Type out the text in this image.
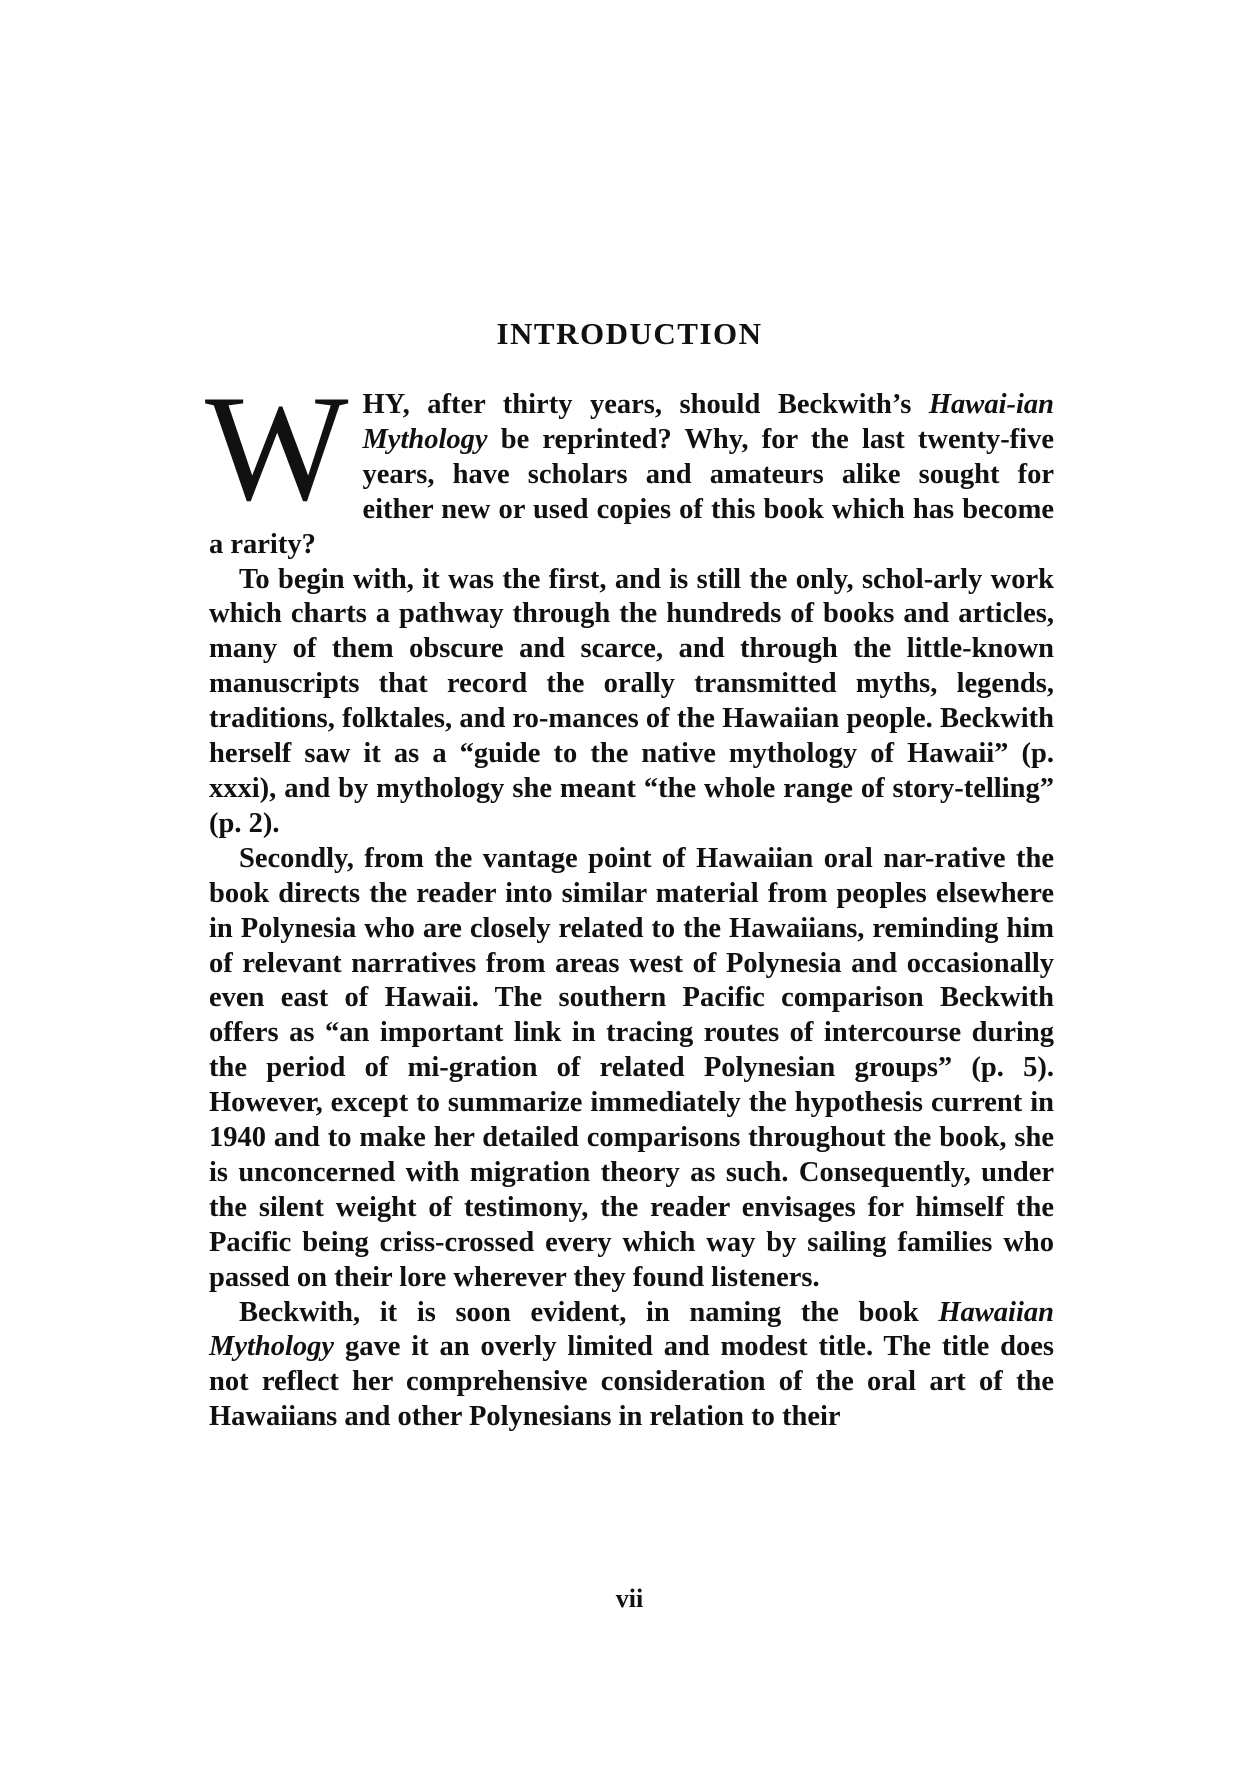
INTRODUCTION

WHY, after thirty years, should Beckwith’s Hawai-ian Mythology be reprinted? Why, for the last twenty-five years, have scholars and amateurs alike sought for either new or used copies of this book which has become a rarity?

To begin with, it was the first, and is still the only, schol-arly work which charts a pathway through the hundreds of books and articles, many of them obscure and scarce, and through the little-known manuscripts that record the orally transmitted myths, legends, traditions, folktales, and ro-mances of the Hawaiian people. Beckwith herself saw it as a “guide to the native mythology of Hawaii” (p. xxxi), and by mythology she meant “the whole range of story-telling” (p. 2).

Secondly, from the vantage point of Hawaiian oral nar-rative the book directs the reader into similar material from peoples elsewhere in Polynesia who are closely related to the Hawaiians, reminding him of relevant narratives from areas west of Polynesia and occasionally even east of Hawaii. The southern Pacific comparison Beckwith offers as “an important link in tracing routes of intercourse during the period of mi-gration of related Polynesian groups” (p. 5). However, except to summarize immediately the hypothesis current in 1940 and to make her detailed comparisons throughout the book, she is unconcerned with migration theory as such. Consequently, under the silent weight of testimony, the reader envisages for himself the Pacific being criss-crossed every which way by sailing families who passed on their lore wherever they found listeners.

Beckwith, it is soon evident, in naming the book Hawaiian Mythology gave it an overly limited and modest title. The title does not reflect her comprehensive consideration of the oral art of the Hawaiians and other Polynesians in relation to their

vii
